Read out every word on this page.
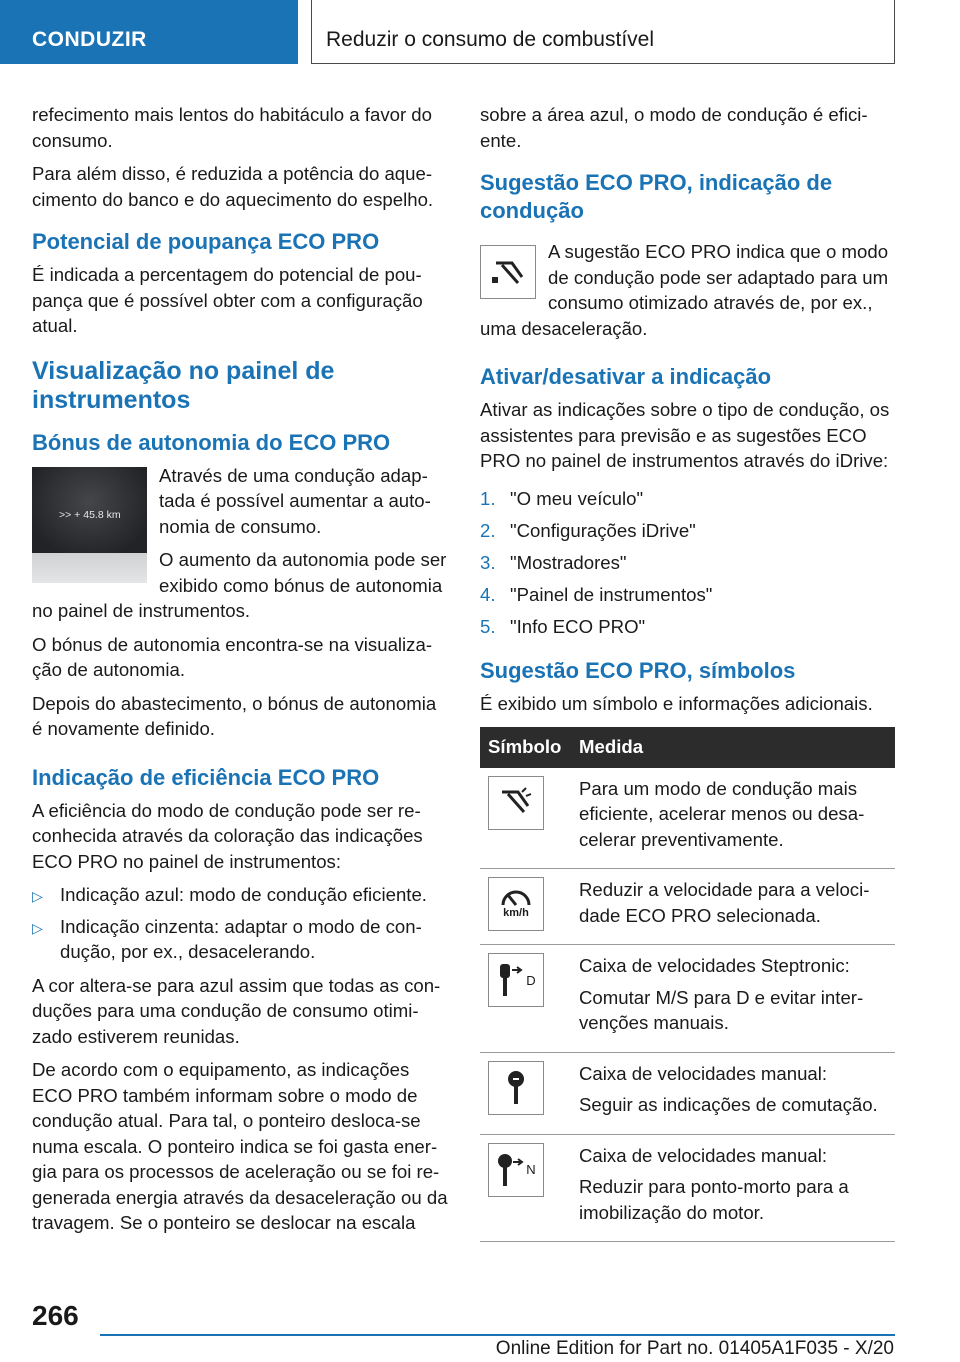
CONDUZIR	Reduzir o consumo de combustível

refecimento mais lentos do habitáculo a favor do consumo.

Para além disso, é reduzida a potência do aquecimento do banco e do aquecimento do espelho.

Potencial de poupança ECO PRO

É indicada a percentagem do potencial de poupança que é possível obter com a configuração atual.

Visualização no painel de instrumentos
Bónus de autonomia do ECO PRO
>> + 45.8 km

Através de uma condução adaptada é possível aumentar a autonomia de consumo.

O aumento da autonomia pode ser exibido como bónus de autonomia no painel de instrumentos.

O bónus de autonomia encontra-se na visualização de autonomia.

Depois do abastecimento, o bónus de autonomia é novamente definido.

Indicação de eficiência ECO PRO

A eficiência do modo de condução pode ser reconhecida através da coloração das indicações ECO PRO no painel de instrumentos:

▷ Indicação azul: modo de condução eficiente.
▷ Indicação cinzenta: adaptar o modo de condução, por ex., desacelerando.

A cor altera-se para azul assim que todas as conduções para uma condução de consumo otimizado estiverem reunidas.

De acordo com o equipamento, as indicações ECO PRO também informam sobre o modo de condução atual. Para tal, o ponteiro desloca-se numa escala. O ponteiro indica se foi gasta energia para os processos de aceleração ou se foi regenerada energia através da desaceleração ou da travagem. Se o ponteiro se deslocar na escala

sobre a área azul, o modo de condução é eficiente.

Sugestão ECO PRO, indicação de condução

A sugestão ECO PRO indica que o modo de condução pode ser adaptado para um consumo otimizado através de, por ex., uma desaceleração.

Ativar/desativar a indicação

Ativar as indicações sobre o tipo de condução, os assistentes para previsão e as sugestões ECO PRO no painel de instrumentos através do iDrive:

1. "O meu veículo"
2. "Configurações iDrive"
3. "Mostradores"
4. "Painel de instrumentos"
5. "Info ECO PRO"
Sugestão ECO PRO, símbolos

É exibido um símbolo e informações adicionais.

Símbolo	Medida

Para um modo de condução mais eficiente, acelerar menos ou desacelerar preventivamente.

km/h	Reduzir a velocidade para a velocidade ECO PRO selecionada.

D	Caixa de velocidades Steptronic:

Comutar M/S para D e evitar intervenções manuais.

Caixa de velocidades manual:

Seguir as indicações de comutação.

N	Caixa de velocidades manual:

Reduzir para ponto-morto para a imobilização do motor.

266
Online Edition for Part no. 01405A1F035 - X/20
